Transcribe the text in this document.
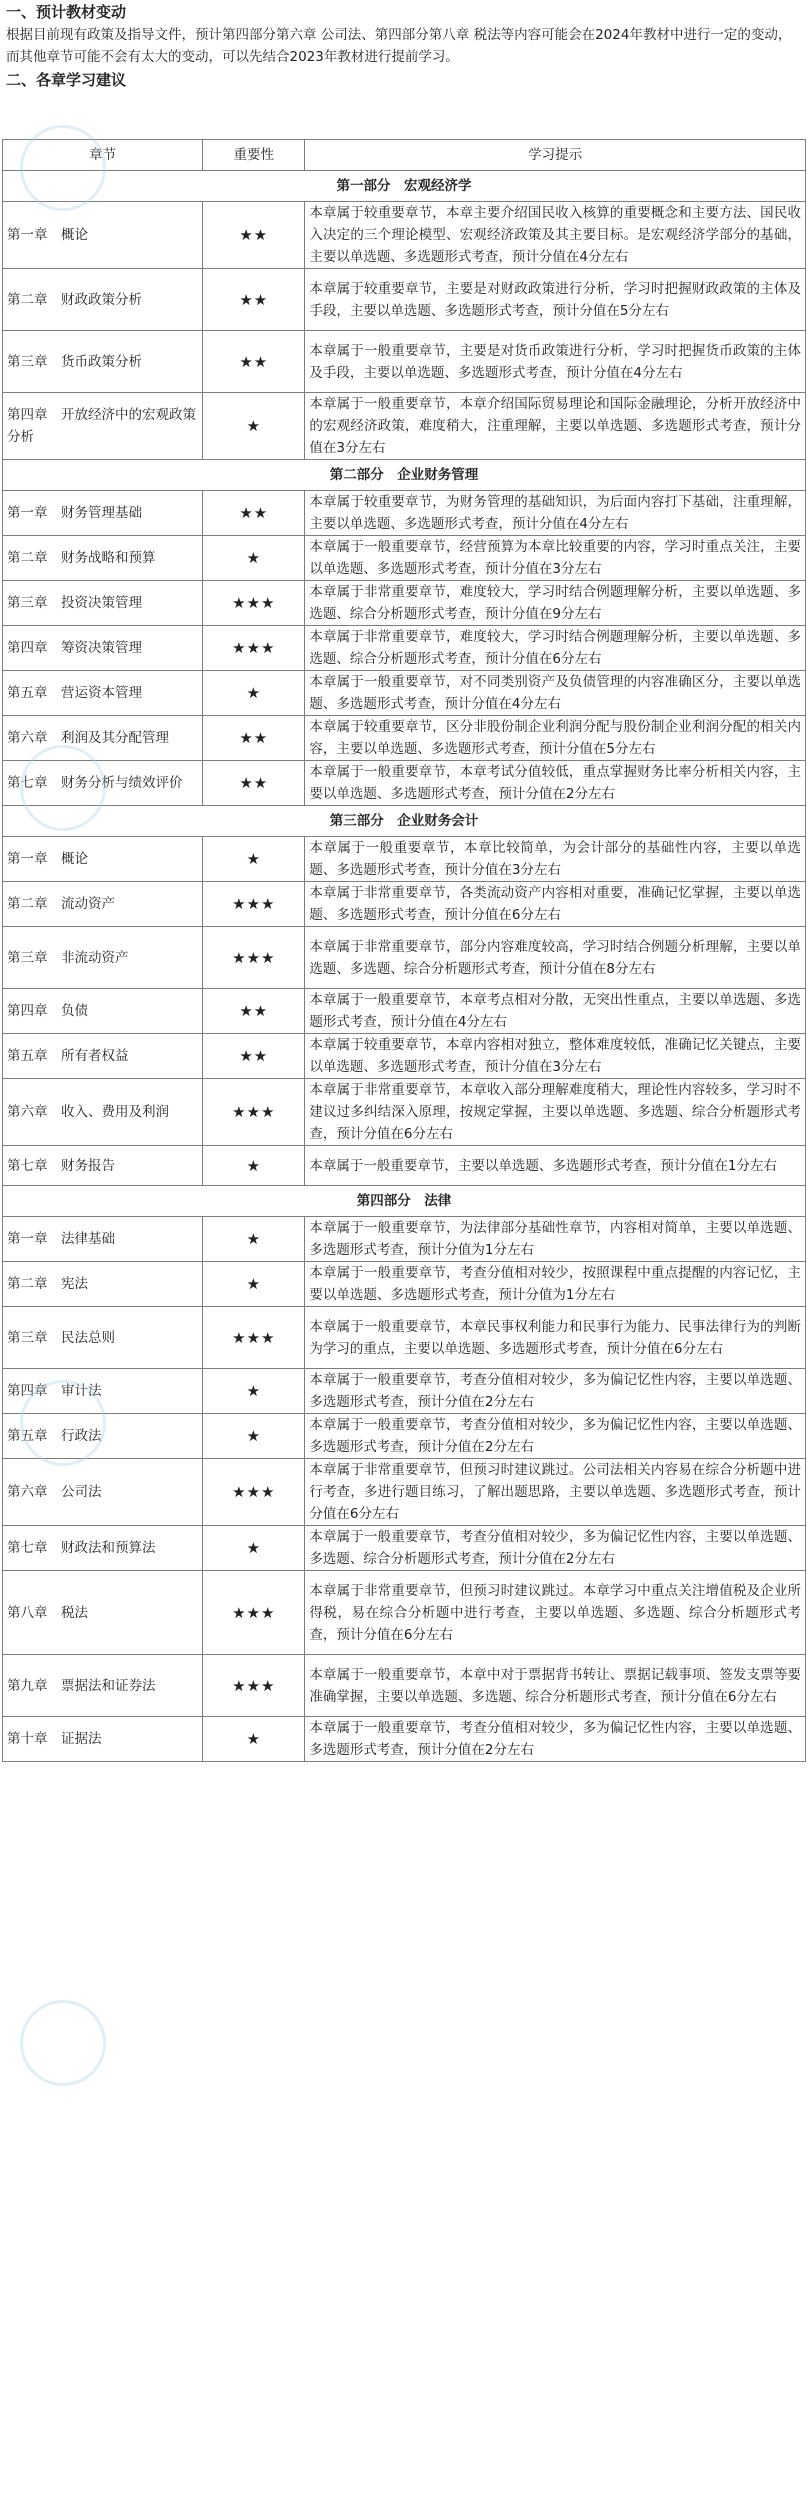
一、预计教材变动
根据目前现有政策及指导文件，预计第四部分第六章 公司法、第四部分第八章 税法等内容可能会在2024年教材中进行一定的变动，而其他章节可能不会有太大的变动，可以先结合2023年教材进行提前学习。
二、各章学习建议
章节	重要性	学习提示
第一部分　宏观经济学		
第一章　概论	★★	本章属于较重要章节，本章主要介绍国民收入核算的重要概念和主要方法、国民收入决定的三个理论模型、宏观经济政策及其主要目标。是宏观经济学部分的基础，主要以单选题、多选题形式考查，预计分值在4分左右
第二章　财政政策分析	★★	本章属于较重要章节，主要是对财政政策进行分析，学习时把握财政政策的主体及手段，主要以单选题、多选题形式考查，预计分值在5分左右
第三章　货币政策分析	★★	本章属于一般重要章节，主要是对货币政策进行分析，学习时把握货币政策的主体及手段，主要以单选题、多选题形式考查，预计分值在4分左右
第四章　开放经济中的宏观政策分析	★	本章属于一般重要章节，本章介绍国际贸易理论和国际金融理论，分析开放经济中的宏观经济政策，难度稍大，注重理解，主要以单选题、多选题形式考查，预计分值在3分左右
第二部分　企业财务管理		
第一章　财务管理基础	★★	本章属于较重要章节，为财务管理的基础知识，为后面内容打下基础，注重理解，主要以单选题、多选题形式考查，预计分值在4分左右
第二章　财务战略和预算	★	本章属于一般重要章节，经营预算为本章比较重要的内容，学习时重点关注，主要以单选题、多选题形式考查，预计分值在3分左右
第三章　投资决策管理	★★★	本章属于非常重要章节，难度较大，学习时结合例题理解分析，主要以单选题、多选题、综合分析题形式考查，预计分值在9分左右
第四章　筹资决策管理	★★★	本章属于非常重要章节，难度较大，学习时结合例题理解分析，主要以单选题、多选题、综合分析题形式考查，预计分值在6分左右
第五章　营运资本管理	★	本章属于一般重要章节，对不同类别资产及负债管理的内容准确区分，主要以单选题、多选题形式考查，预计分值在4分左右
第六章　利润及其分配管理	★★	本章属于较重要章节，区分非股份制企业利润分配与股份制企业利润分配的相关内容，主要以单选题、多选题形式考查，预计分值在5分左右
第七章　财务分析与绩效评价	★★	本章属于一般重要章节，本章考试分值较低，重点掌握财务比率分析相关内容，主要以单选题、多选题形式考查，预计分值在2分左右
第三部分　企业财务会计		
第一章　概论	★	本章属于一般重要章节，本章比较简单，为会计部分的基础性内容，主要以单选题、多选题形式考查，预计分值在3分左右
第二章　流动资产	★★★	本章属于非常重要章节，各类流动资产内容相对重要，准确记忆掌握，主要以单选题、多选题形式考查，预计分值在6分左右
第三章　非流动资产	★★★	本章属于非常重要章节，部分内容难度较高，学习时结合例题分析理解，主要以单选题、多选题、综合分析题形式考查，预计分值在8分左右
第四章　负债	★★	本章属于一般重要章节，本章考点相对分散，无突出性重点，主要以单选题、多选题形式考查，预计分值在4分左右
第五章　所有者权益	★★	本章属于较重要章节，本章内容相对独立，整体难度较低，准确记忆关键点，主要以单选题、多选题形式考查，预计分值在3分左右
第六章　收入、费用及利润	★★★	本章属于非常重要章节，本章收入部分理解难度稍大，理论性内容较多，学习时不建议过多纠结深入原理，按规定掌握，主要以单选题、多选题、综合分析题形式考查，预计分值在6分左右
第七章　财务报告	★	本章属于一般重要章节，主要以单选题、多选题形式考查，预计分值在1分左右
第四部分　法律		
第一章　法律基础	★	本章属于一般重要章节，为法律部分基础性章节，内容相对简单，主要以单选题、多选题形式考查，预计分值为1分左右
第二章　宪法	★	本章属于一般重要章节，考查分值相对较少，按照课程中重点提醒的内容记忆，主要以单选题、多选题形式考查，预计分值为1分左右
第三章　民法总则	★★★	本章属于一般重要章节，本章民事权利能力和民事行为能力、民事法律行为的判断为学习的重点，主要以单选题、多选题形式考查，预计分值在6分左右
第四章　审计法	★	本章属于一般重要章节，考查分值相对较少，多为偏记忆性内容，主要以单选题、多选题形式考查，预计分值在2分左右
第五章　行政法	★	本章属于一般重要章节，考查分值相对较少，多为偏记忆性内容，主要以单选题、多选题形式考查，预计分值在2分左右
第六章　公司法	★★★	本章属于非常重要章节，但预习时建议跳过。公司法相关内容易在综合分析题中进行考查，多进行题目练习，了解出题思路，主要以单选题、多选题形式考查，预计分值在6分左右
第七章　财政法和预算法	★	本章属于一般重要章节，考查分值相对较少，多为偏记忆性内容，主要以单选题、多选题、综合分析题形式考查，预计分值在2分左右
第八章　税法	★★★	本章属于非常重要章节，但预习时建议跳过。本章学习中重点关注增值税及企业所得税，易在综合分析题中进行考查，主要以单选题、多选题、综合分析题形式考查，预计分值在6分左右
第九章　票据法和证券法	★★★	本章属于一般重要章节，本章中对于票据背书转让、票据记载事项、签发支票等要准确掌握，主要以单选题、多选题、综合分析题形式考查，预计分值在6分左右
第十章　证据法	★	本章属于一般重要章节，考查分值相对较少，多为偏记忆性内容，主要以单选题、多选题形式考查，预计分值在2分左右
